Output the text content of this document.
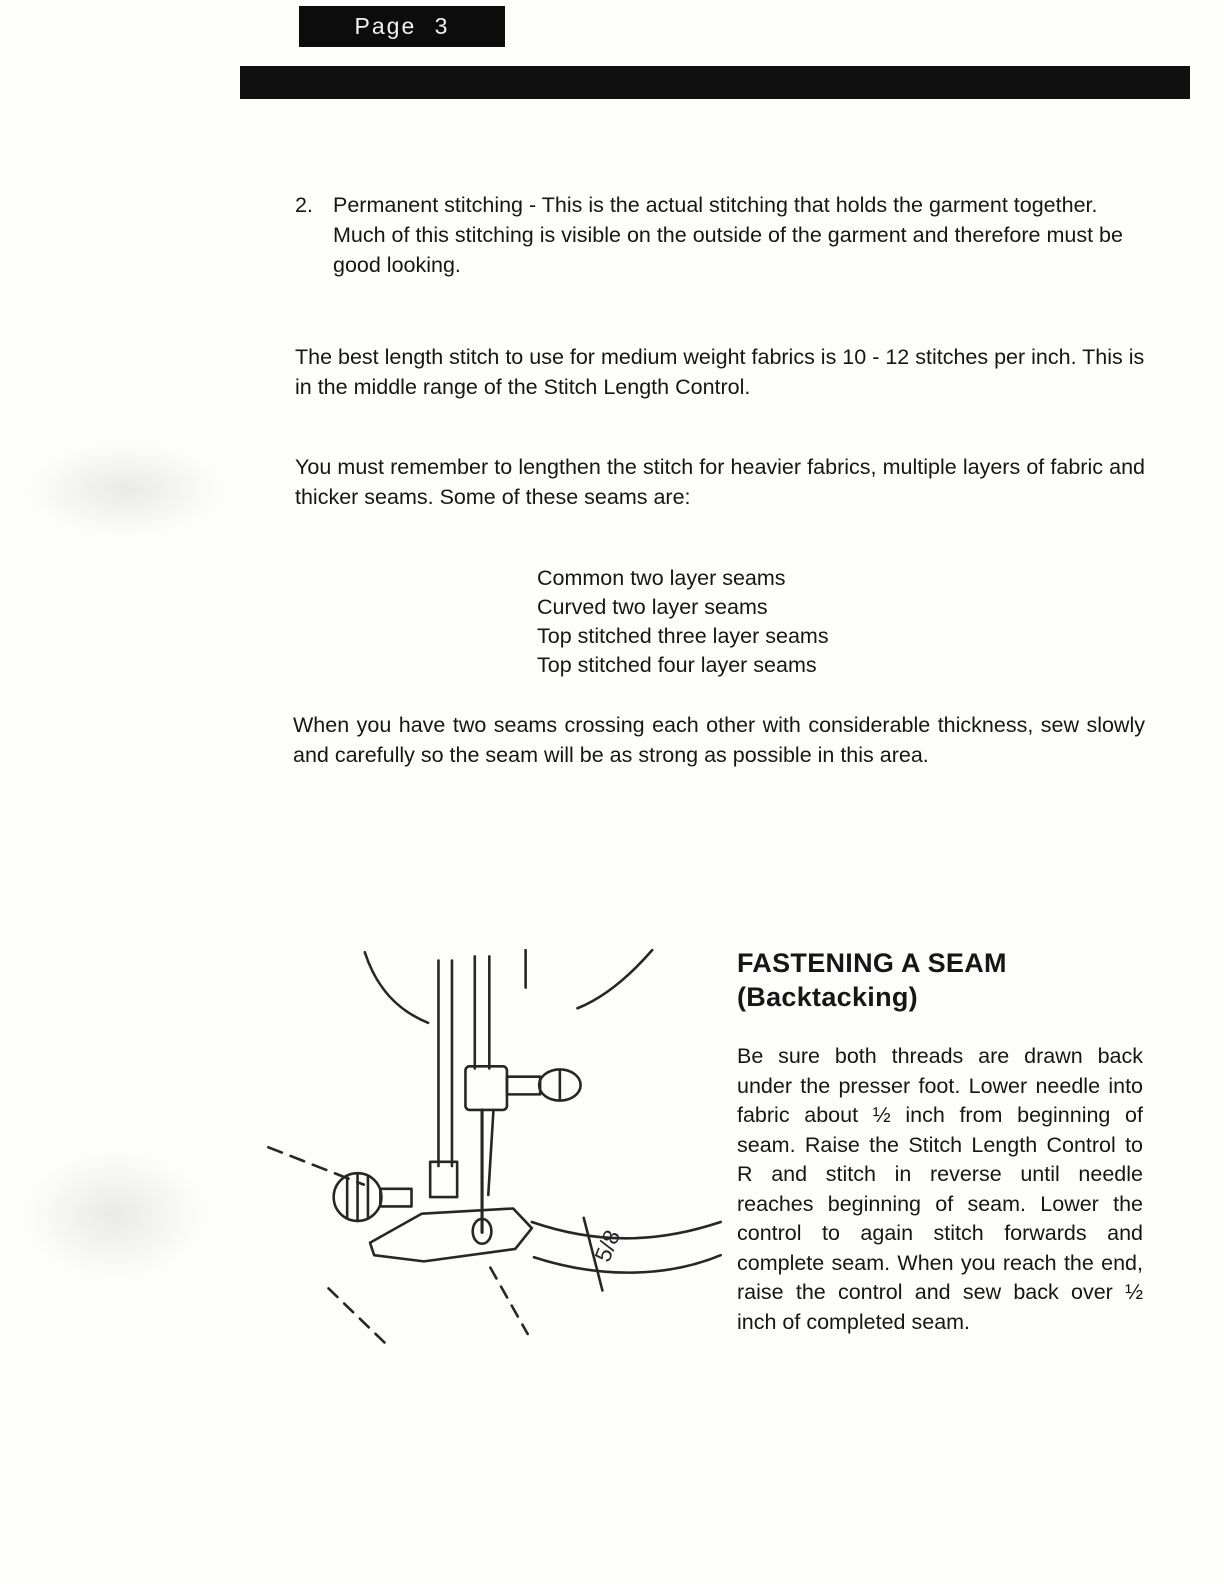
Page 3
2. Permanent stitching - This is the actual stitching that holds the garment together. Much of this stitching is visible on the outside of the garment and therefore must be good looking.

The best length stitch to use for medium weight fabrics is 10 - 12 stitches per inch. This is in the middle range of the Stitch Length Control.

You must remember to lengthen the stitch for heavier fabrics, multiple layers of fabric and thicker seams. Some of these seams are:

Common two layer seams
Curved two layer seams
Top stitched three layer seams
Top stitched four layer seams

When you have two seams crossing each other with considerable thickness, sew slowly and carefully so the seam will be as strong as possible in this area.

5/8
FASTENING A SEAM
(Backtacking)

Be sure both threads are drawn back under the presser foot. Lower needle into fabric about ½ inch from beginning of seam. Raise the Stitch Length Control to R and stitch in reverse until needle reaches beginning of seam. Lower the control to again stitch forwards and complete seam. When you reach the end, raise the control and sew back over ½ inch of completed seam.
